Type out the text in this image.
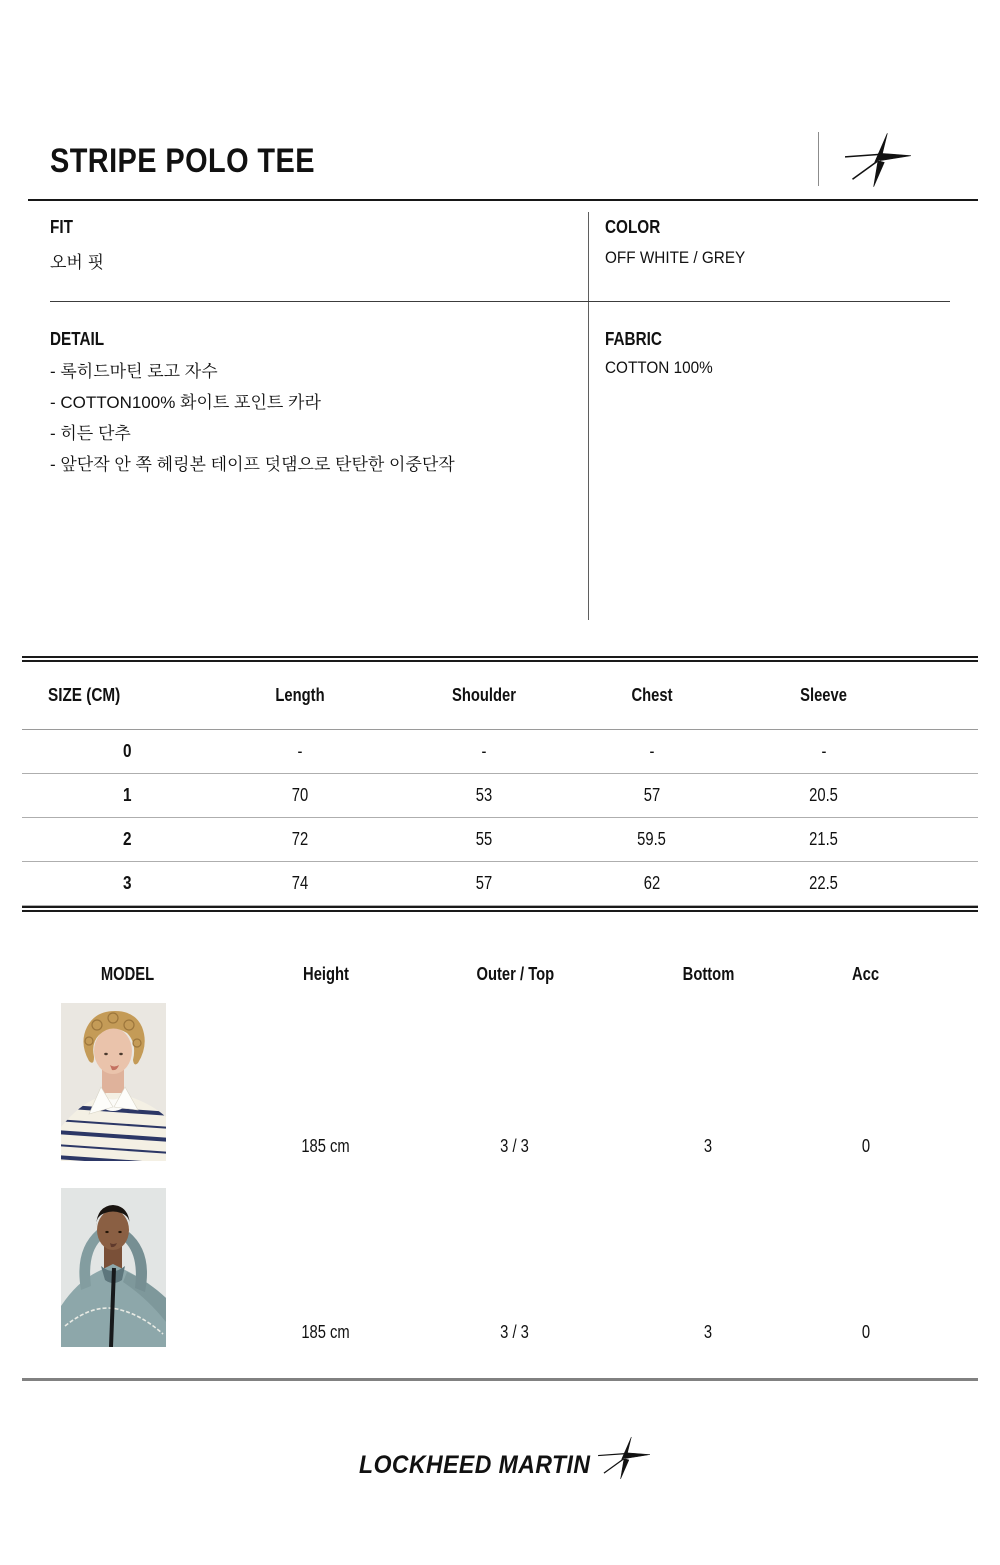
STRIPE POLO TEE
FIT
오버 핏
COLOR
OFF WHITE / GREY
DETAIL
- 록히드마틴 로고 자수
- COTTON100% 화이트 포인트 카라
- 히든 단추
- 앞단작 안 쪽 헤링본 테이프 덧댐으로 탄탄한 이중단작
FABRIC
COTTON 100%
SIZE (CM)	Length	Shoulder	Chest	Sleeve
0	-	-	-	-
1	70	53	57	20.5
2	72	55	59.5	21.5
3	74	57	62	22.5
MODEL	Height	Outer / Top	Bottom	Acc
185 cm	3 / 3	3	0
185 cm	3 / 3	3	0
LOCKHEED MARTIN
